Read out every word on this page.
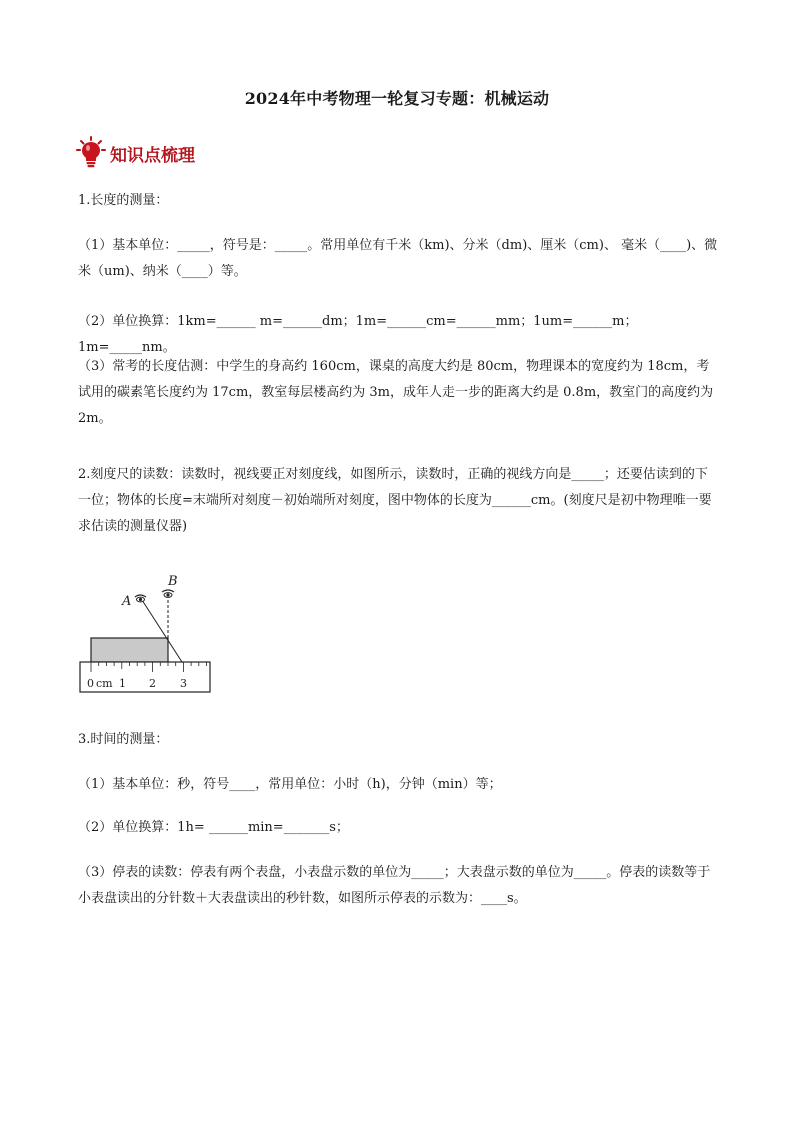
2024年中考物理一轮复习专题：机械运动
知识点梳理
1.长度的测量：
（1）基本单位：_____，符号是：_____。常用单位有千米（km)、分米（dm)、厘米（cm)、 毫米（____)、微米（um)、纳米（____）等。
（2）单位换算：1km=______ m=______dm；1m=______cm=______mm；1um=______m；1m=_____nm。
（3）常考的长度估测：中学生的身高约 160cm，课桌的高度大约是 80cm，物理课本的宽度约为 18cm，考试用的碳素笔长度约为 17cm，教室每层楼高约为 3m，成年人走一步的距离大约是 0.8m，教室门的高度约为 2m。
2.刻度尺的读数：读数时，视线要正对刻度线，如图所示，读数时，正确的视线方向是_____；还要估读到的下一位；物体的长度=末端所对刻度－初始端所对刻度，图中物体的长度为______cm。(刻度尺是初中物理唯一要求估读的测量仪器)
A
B
0 cm 1 2 3
3.时间的测量：
（1）基本单位：秒，符号____，常用单位：小时（h)，分钟（min）等；
（2）单位换算：1h= ______min=_______s；
（3）停表的读数：停表有两个表盘，小表盘示数的单位为_____；大表盘示数的单位为_____。停表的读数等于小表盘读出的分针数＋大表盘读出的秒针数，如图所示停表的示数为：____s。
